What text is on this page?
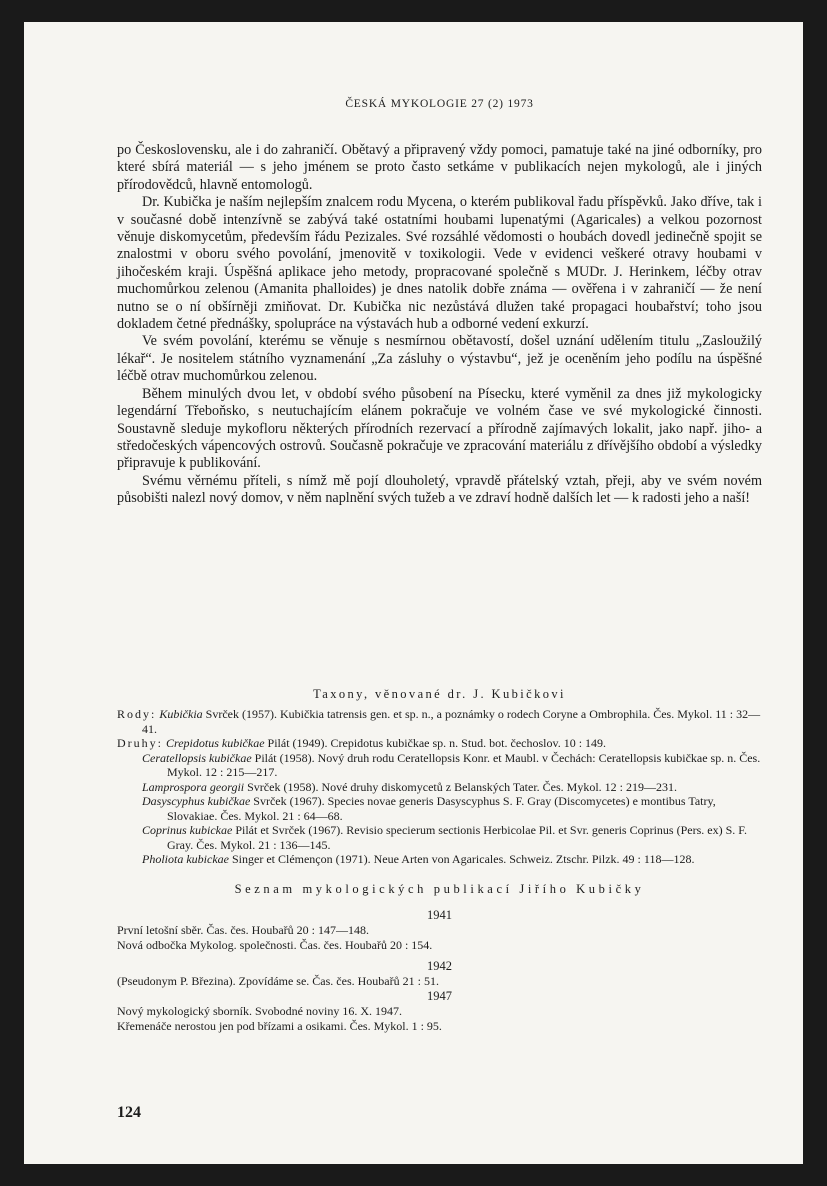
ČESKÁ MYKOLOGIE 27 (2) 1973

po Československu, ale i do zahraničí. Obětavý a připravený vždy pomoci, pamatuje také na jiné odborníky, pro které sbírá materiál — s jeho jménem se proto často setkáme v publikacích nejen mykologů, ale i jiných přírodovědců, hlavně entomologů.

Dr. Kubička je naším nejlepším znalcem rodu Mycena, o kterém publikoval řadu příspěvků. Jako dříve, tak i v současné době intenzívně se zabývá také ostatními houbami lupenatými (Agaricales) a velkou pozornost věnuje diskomycetům, především řádu Pezizales. Své rozsáhlé vědomosti o houbách dovedl jedinečně spojit se znalostmi v oboru svého povolání, jmenovitě v toxikologii. Vede v evidenci veškeré otravy houbami v jihočeském kraji. Úspěšná aplikace jeho metody, propracované společně s MUDr. J. Herinkem, léčby otrav muchomůrkou zelenou (Amanita phalloides) je dnes natolik dobře známa — ověřena i v zahraničí — že není nutno se o ní obšírněji zmiňovat. Dr. Kubička nic nezůstává dlužen také propagaci houbařství; toho jsou dokladem četné přednášky, spolupráce na výstavách hub a odborné vedení exkurzí.

Ve svém povolání, kterému se věnuje s nesmírnou obětavostí, došel uznání udělením titulu „Zasloužilý lékař“. Je nositelem státního vyznamenání „Za zásluhy o výstavbu“, jež je oceněním jeho podílu na úspěšné léčbě otrav muchomůrkou zelenou.

Během minulých dvou let, v období svého působení na Písecku, které vyměnil za dnes již mykologicky legendární Třeboňsko, s neutuchajícím elánem pokračuje ve volném čase ve své mykologické činnosti. Soustavně sleduje mykofloru některých přírodních rezervací a přírodně zajímavých lokalit, jako např. jiho- a středočeských vápencových ostrovů. Současně pokračuje ve zpracování materiálu z dřívějšího období a výsledky připravuje k publikování.

Svému věrnému příteli, s nímž mě pojí dlouholetý, vpravdě přátelský vztah, přeji, aby ve svém novém působišti nalezl nový domov, v něm naplnění svých tužeb a ve zdraví hodně dalších let — k radosti jeho a naší!

Taxony, věnované dr. J. Kubičkovi

Rody: Kubičkia Svrček (1957). Kubičkia tatrensis gen. et sp. n., a poznámky o rodech Coryne a Ombrophila. Čes. Mykol. 11 : 32—41.

Druhy: Crepidotus kubičkae Pilát (1949). Crepidotus kubičkae sp. n. Stud. bot. čechoslov. 10 : 149.

Ceratellopsis kubičkae Pilát (1958). Nový druh rodu Ceratellopsis Konr. et Maubl. v Čechách: Ceratellopsis kubičkae sp. n. Čes. Mykol. 12 : 215—217.

Lamprospora georgii Svrček (1958). Nové druhy diskomycetů z Belanských Tater. Čes. Mykol. 12 : 219—231.

Dasyscyphus kubičkae Svrček (1967). Species novae generis Dasyscyphus S. F. Gray (Discomycetes) e montibus Tatry, Slovakiae. Čes. Mykol. 21 : 64—68.

Coprinus kubickae Pilát et Svrček (1967). Revisio specierum sectionis Herbicolae Pil. et Svr. generis Coprinus (Pers. ex) S. F. Gray. Čes. Mykol. 21 : 136—145.

Pholiota kubickae Singer et Clémençon (1971). Neue Arten von Agaricales. Schweiz. Ztschr. Pilzk. 49 : 118—128.

Seznam mykologických publikací Jiřího Kubičky

1941

První letošní sběr. Čas. čes. Houbařů 20 : 147—148.

Nová odbočka Mykolog. společnosti. Čas. čes. Houbařů 20 : 154.

1942

(Pseudonym P. Březina). Zpovídáme se. Čas. čes. Houbařů 21 : 51.

1947

Nový mykologický sborník. Svobodné noviny 16. X. 1947.

Křemenáče nerostou jen pod břízami a osikami. Čes. Mykol. 1 : 95.

124
